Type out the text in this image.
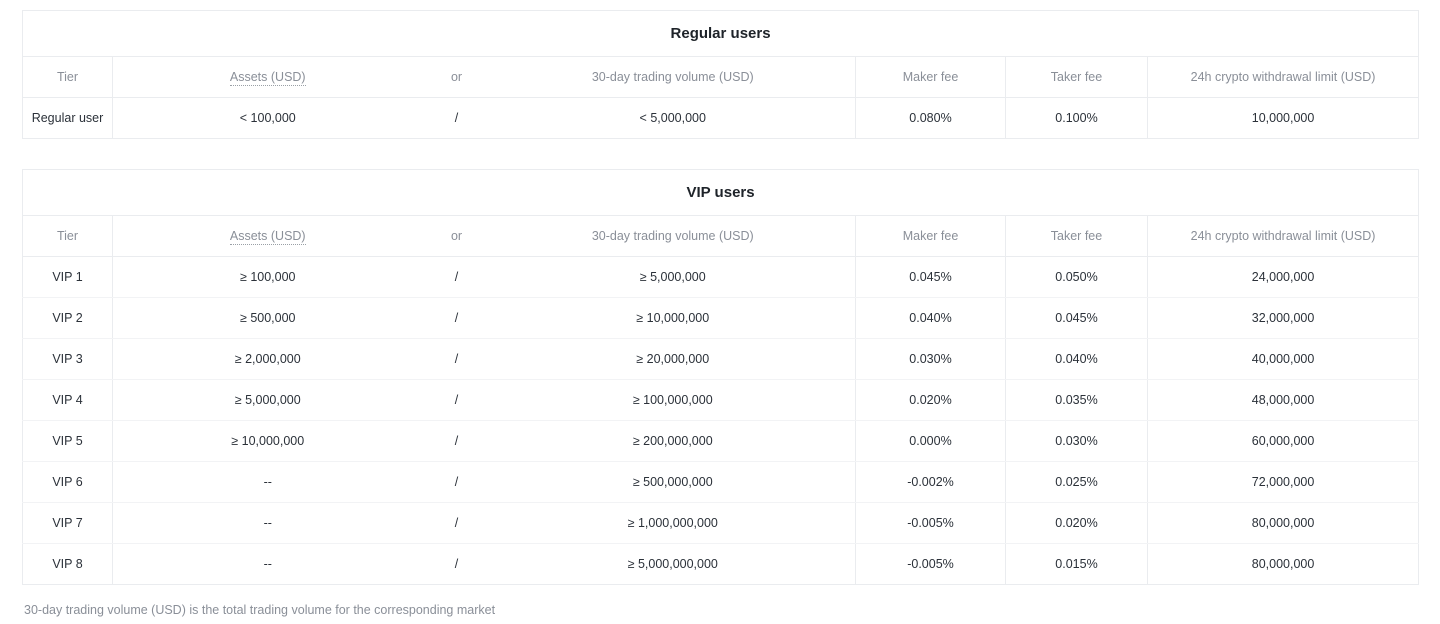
Regular users						
Tier	Assets (USD)	or	30-day trading volume (USD)	Maker fee	Taker fee	24h crypto withdrawal limit (USD)
Regular user	< 100,000	/	< 5,000,000	0.080%	0.100%	10,000,000
VIP users						
Tier	Assets (USD)	or	30-day trading volume (USD)	Maker fee	Taker fee	24h crypto withdrawal limit (USD)
VIP 1	≥ 100,000	/	≥ 5,000,000	0.045%	0.050%	24,000,000
VIP 2	≥ 500,000	/	≥ 10,000,000	0.040%	0.045%	32,000,000
VIP 3	≥ 2,000,000	/	≥ 20,000,000	0.030%	0.040%	40,000,000
VIP 4	≥ 5,000,000	/	≥ 100,000,000	0.020%	0.035%	48,000,000
VIP 5	≥ 10,000,000	/	≥ 200,000,000	0.000%	0.030%	60,000,000
VIP 6	--	/	≥ 500,000,000	-0.002%	0.025%	72,000,000
VIP 7	--	/	≥ 1,000,000,000	-0.005%	0.020%	80,000,000
VIP 8	--	/	≥ 5,000,000,000	-0.005%	0.015%	80,000,000
30-day trading volume (USD) is the total trading volume for the corresponding market
